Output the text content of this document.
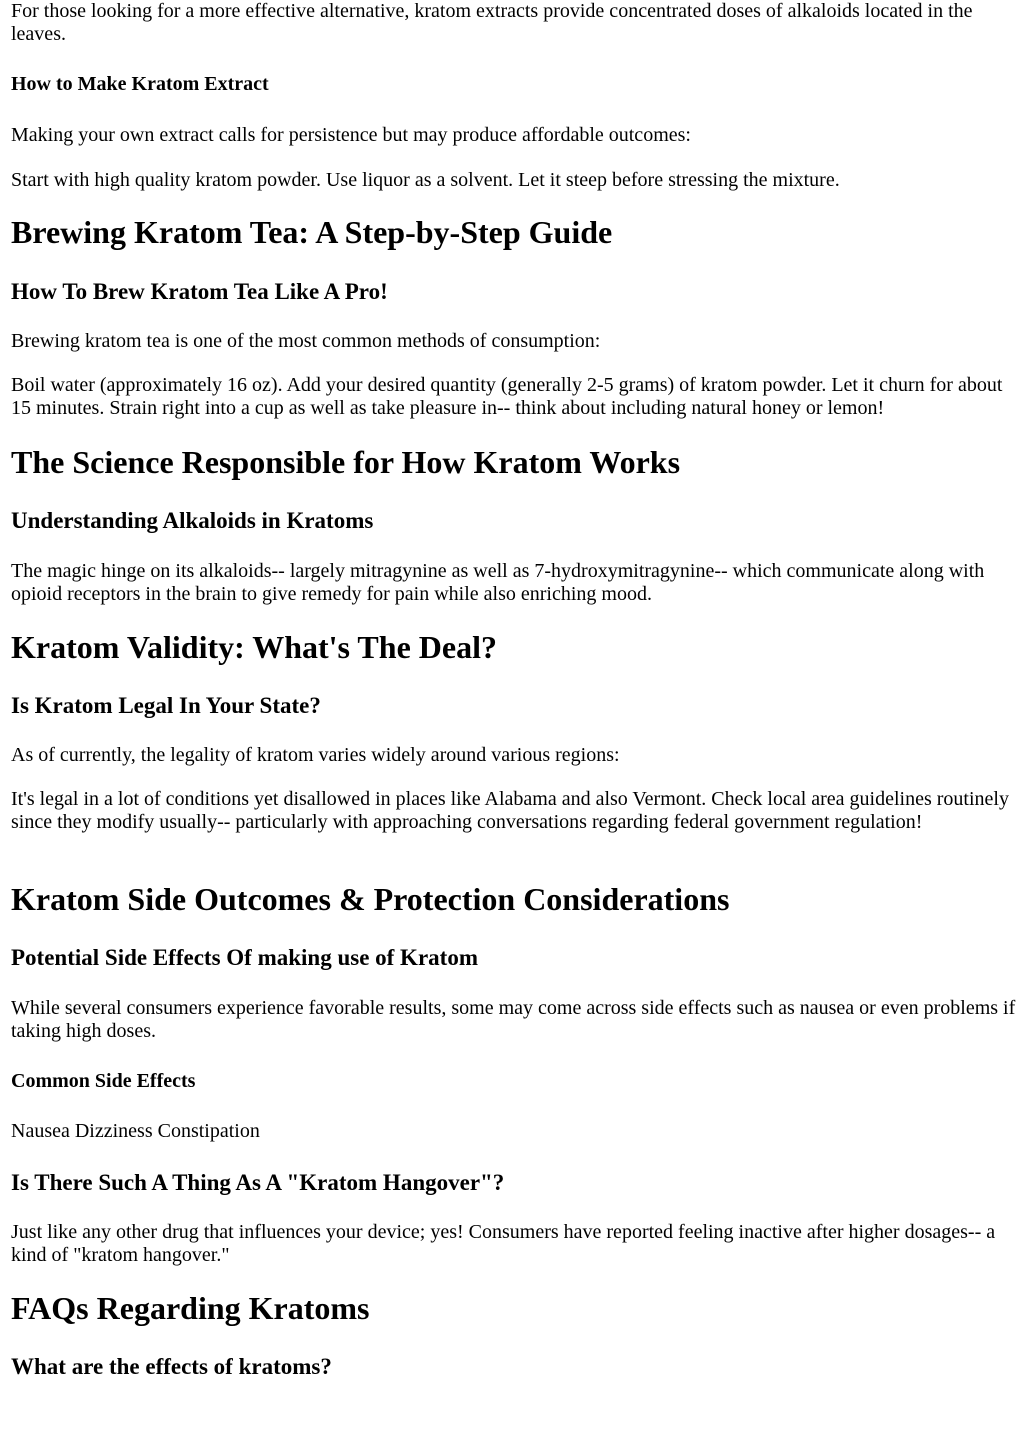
For those looking for a more effective alternative, kratom extracts provide concentrated doses of alkaloids located in the leaves.

How to Make Kratom Extract

Making your own extract calls for persistence but may produce affordable outcomes:

Start with high quality kratom powder. Use liquor as a solvent. Let it steep before stressing the mixture.

Brewing Kratom Tea: A Step-by-Step Guide
How To Brew Kratom Tea Like A Pro!

Brewing kratom tea is one of the most common methods of consumption:

Boil water (approximately 16 oz). Add your desired quantity (generally 2-5 grams) of kratom powder. Let it churn for about 15 minutes. Strain right into a cup as well as take pleasure in-- think about including natural honey or lemon!

The Science Responsible for How Kratom Works
Understanding Alkaloids in Kratoms

The magic hinge on its alkaloids-- largely mitragynine as well as 7-hydroxymitragynine-- which communicate along with opioid receptors in the brain to give remedy for pain while also enriching mood.

Kratom Validity: What's The Deal?
Is Kratom Legal In Your State?

As of currently, the legality of kratom varies widely around various regions:

It's legal in a lot of conditions yet disallowed in places like Alabama and also Vermont. Check local area guidelines routinely since they modify usually-- particularly with approaching conversations regarding federal government regulation!

Kratom Side Outcomes & Protection Considerations
Potential Side Effects Of making use of Kratom

While several consumers experience favorable results, some may come across side effects such as nausea or even problems if taking high doses.

Common Side Effects

Nausea Dizziness Constipation

Is There Such A Thing As A "Kratom Hangover"?

Just like any other drug that influences your device; yes! Consumers have reported feeling inactive after higher dosages-- a kind of "kratom hangover."

FAQs Regarding Kratoms
What are the effects of kratoms?
